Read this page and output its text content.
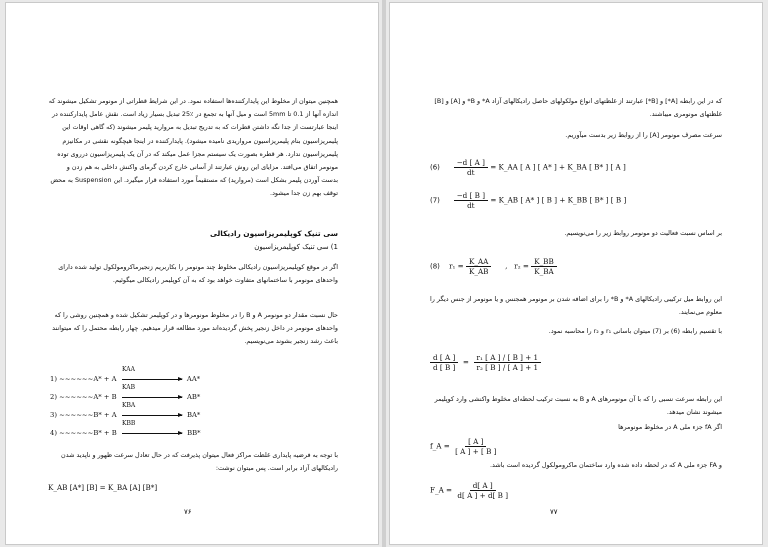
همچنین میتوان از مخلوط این پایدارکننده‌ها استفاده نمود. در این شرایط قطراتی از مونومر تشکیل میشوند که اندازه آنها از 0.1 تا 5mm است و میل آنها به تجمع در ٪25 تبدیل بسیار زیاد است. نقش عامل پایدارکننده در اینجا عبارتست از جدا نگه داشتن قطرات که به تدریج تبدیل به مروارید پلیمر میشوند (که گاهی اوقات این پلیمریزاسیون بنام پلیمریزاسیون مرواریدی نامیده میشود). پایدارکننده در اینجا هیچگونه نقشی در مکانیزم پلیمریزاسیون ندارد. هر قطره بصورت یک سیستم مجزا عمل میکند که در آن یک پلیمریزاسیون درروی توده مونومر اتفاق می‌افتد. مزایای این روش عبارتند از آسانی خارج کردن گرمای واکنش داخلی به هم زدن و بدست آوردن پلیمر بشکل است (مروارید) که مستقیماً مورد استفاده قرار میگیرد. این Suspension به محض توقف بهم زن جدا میشود.
سی تنیک کوپلیمریزاسیون رادیکالی
1) سی تنیک کوپلیمریزاسیون
اگر در موقع کوپلیمریزاسیون رادیکالی مخلوط چند مونومر را بکاربریم زنجیرماکرومولکول تولید شده دارای واحدهای مونومر با ساختمانهای متفاوت خواهد بود که به آن کوپلیمر رادیکالی میگوئیم.
حال نسبت مقدار دو مونومر A و B را در مخلوط مونومرها و در کوپلیمر تشکیل شده و همچنین روشی را که واحدهای مونومر در داخل زنجیر پخش گردیده‌اند مورد مطالعه قرار میدهیم. چهار رابطه محتمل را که میتوانند باعث رشد زنجیر بشوند می‌نویسیم.
1) ~~~~~~A* + A
KAA
AA*
2) ~~~~~~A* + B
KAB
AB*
3) ~~~~~~B* + A
KBA
BA*
4) ~~~~~~B* + B
KBB
BB*
با توجه به فرضیه پایداری غلظت مراکز فعال میتوان پذیرفت که در حال تعادل سرعت ظهور و ناپدید شدن رادیکالهای آزاد برابر است. پس میتوان نوشت:
K_AB [A*] [B] = K_BA [A] [B*]
۷۶
که در این رابطه [A*] و [B*] عبارتند از غلظتهای انواع مولکولهای حاصل رادیکالهای آزاد A* و B* و [A] و [B] غلظتهای مونومری میباشند.
سرعت مصرف مونومر [A] را از روابط زیر بدست میآوریم.
$(6) \frac{-d [ A ]}{dt}$ = K_AA [ A ] [ A* ] + K_BA [ B* ] [ A ]
$(7) \frac{-d [ B ]}{dt}$ = K_AB [ A* ] [ B ] + K_BB [ B* ] [ B ]
بر اساس نسبت فعالیت دو مونومر روابط زیر را می‌نویسیم.
(8) $r_1 = \frac{K\_AA}{K\_AB}$ ,   $r_2 = \frac{K\_BB}{K\_BA}$
این روابط میل ترکیبی رادیکالهای A* و B* را برای اضافه شدن بر مونومر همجنس و یا مونومر از جنس دیگر را معلوم می‌نمایند.
با تقسیم رابطه (6) بر (7) میتوان باسانی r₁ و r₂ را محاسبه نمود.
$\frac{d [ A ]}{d [ B ]} = \frac{\text{r₁ [ A ] / [ B ] + 1}}{\text{r₂ [ B ] / [ A ] + 1}}$
این رابطه سرعت نسبی را که با آن مونومرهای A و B به نسبت ترکیب لحظه‌ای مخلوط واکنشی وارد کوپلیمر میشوند نشان میدهد.
اگر fA جزء ملی A در مخلوط مونومرها
f_A = $\frac{[ A ]}{[ A ] + [ B ]}$
و FA جزء ملی A که در لحظه داده شده وارد ساختمان ماکرومولکول گردیده است باشد.
F_A = $\frac{d[ A ]}{d[ A ] + d[ B ]}$
۷۷
